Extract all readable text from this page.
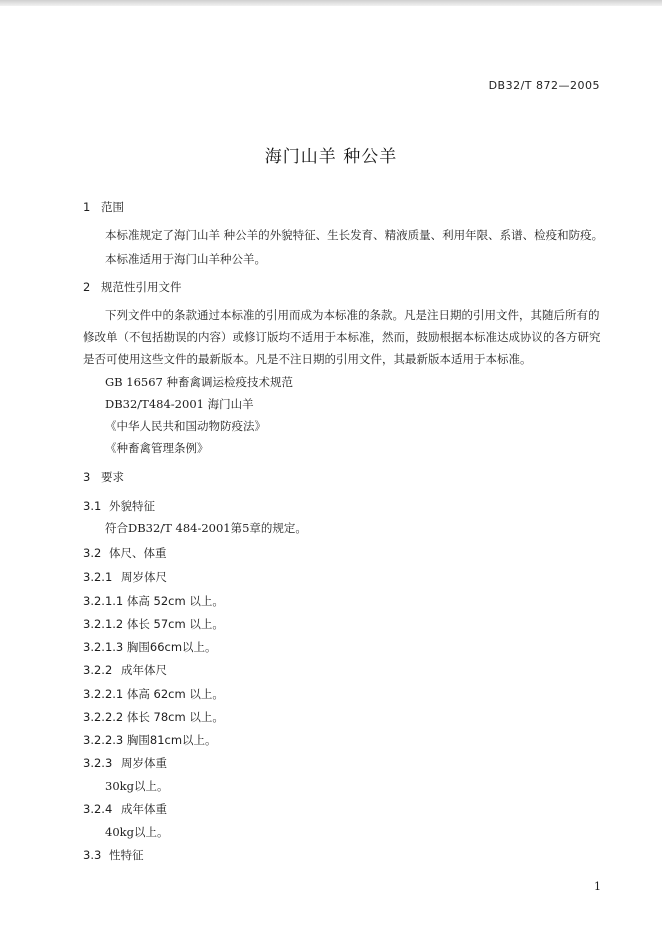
DB32/T 872—2005
海门山羊 种公羊
1 范围
本标准规定了海门山羊 种公羊的外貌特征、生长发育、精液质量、利用年限、系谱、检疫和防疫。
本标准适用于海门山羊种公羊。
2 规范性引用文件
下列文件中的条款通过本标准的引用而成为本标准的条款。凡是注日期的引用文件，其随后所有的
修改单（不包括勘误的内容）或修订版均不适用于本标准，然而，鼓励根据本标准达成协议的各方研究
是否可使用这些文件的最新版本。凡是不注日期的引用文件，其最新版本适用于本标准。
GB 16567 种畜禽调运检疫技术规范
DB32/T484-2001 海门山羊
《中华人民共和国动物防疫法》
《种畜禽管理条例》
3 要求
3.1 外貌特征
符合DB32/T 484-2001第5章的规定。
3.2 体尺、体重
3.2.1 周岁体尺
3.2.1.1 体高 52cm 以上。
3.2.1.2 体长 57cm 以上。
3.2.1.3 胸围66cm以上。
3.2.2 成年体尺
3.2.2.1 体高 62cm 以上。
3.2.2.2 体长 78cm 以上。
3.2.2.3 胸围81cm以上。
3.2.3 周岁体重
30kg以上。
3.2.4 成年体重
40kg以上。
3.3 性特征
1
